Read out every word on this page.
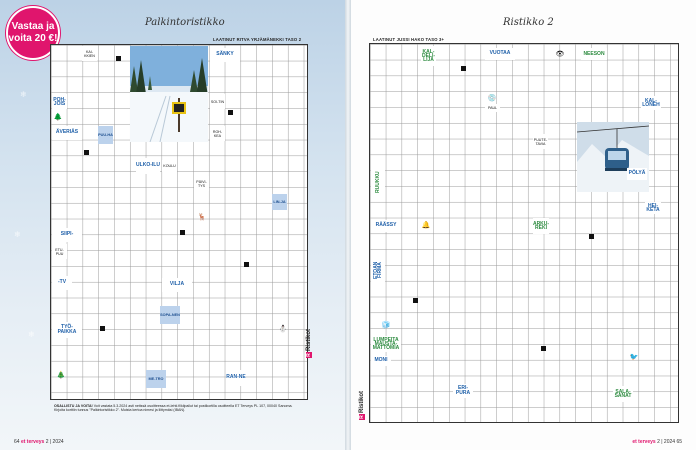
❄
❄
❄
Vastaa ja voita 20 €!
Palkintoristikko
LAATINUT RITVA YRJÄMÄNEKKI TASO 2
KAI-KKIEN	SÄNKY
POH-JOIS	SOI-TIN
ÄVERIÄS	PUU-HA
ULKO-ILU KOULU
SIIPI-
ETU-PUU
-TV	VILJA
TYÖ-PAIKKA
SOPA-NEN
ME-TRO	RAN-NE
PÄIVI-TYS
LIN-JA
ROH-KEA
🌲
🦌
🎄
⛄
R
Ristikot
OSALLISTU JA VOITA! Voit vastata 5.3.2024 asti netissä osoitteessa et-lehti.fi/kilpailut tai postikortilla osoitteella ET Terveys PL 107, 00040 Sanoma. Kirjoita korttiin tunnus "Palkintoristikko 2". Muista kertoa nimesi ja liittymäsi (IBAN).
64 et terveys 2 | 2024
Ristikko 2
LAATINUT JUSSI HAKO TASO 3+
KAL-DELI-LIJA
VUOTAA	NEESON
PAUL
KAL-LONEH
PUUTE-TAVIA
RUUKKU
RÄÄSSY
PÖLYÄ
ARKU-REKI
ETOAN FIRMA
LUMPEITA MAUSTA-MATTOMIA
MONI
ERI-PURA	SALA-SANAT
HEI-KETA
👁
💿
🔔
🧊
🐦
R
Ristikot
et terveys 2 | 2024 65
